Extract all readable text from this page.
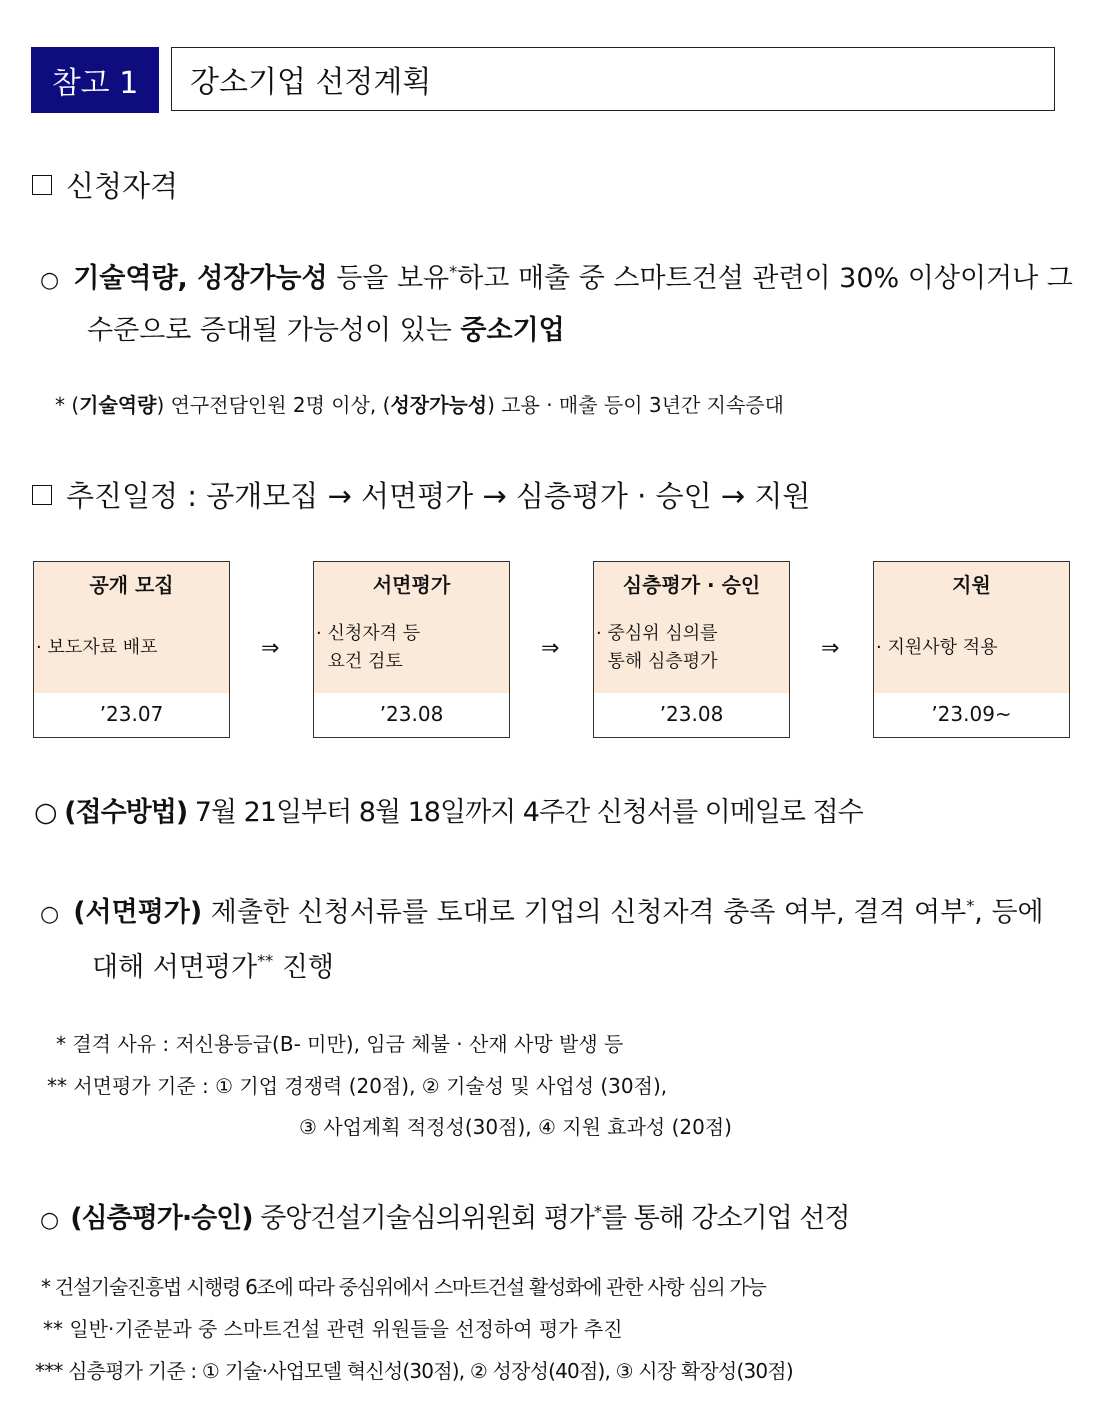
참고 1	강소기업 선정계획
신청자격
○ 기술역량, 성장가능성 등을 보유*하고 매출 중 스마트건설 관련이 30% 이상이거나 그
수준으로 증대될 가능성이 있는 중소기업
* (기술역량) 연구전담인원 2명 이상, (성장가능성) 고용 · 매출 등이 3년간 지속증대
추진일정 : 공개모집 → 서면평가 → 심층평가 · 승인 → 지원
공개 모집
· 보도자료 배포
’23.07
⇒
서면평가
· 신청자격 등
요건 검토
’23.08
⇒
심층평가 · 승인
· 중심위 심의를
통해 심층평가
’23.08
⇒
지원
· 지원사항 적용
’23.09~
○ (접수방법) 7월 21일부터 8월 18일까지 4주간 신청서를 이메일로 접수
○ (서면평가) 제출한 신청서류를 토대로 기업의 신청자격 충족 여부, 결격 여부*, 등에
대해 서면평가** 진행
* 결격 사유 : 저신용등급(B- 미만), 임금 체불 · 산재 사망 발생 등
** 서면평가 기준 : ① 기업 경쟁력 (20점), ② 기술성 및 사업성 (30점),
③ 사업계획 적정성(30점), ④ 지원 효과성 (20점)
○ (심층평가·승인) 중앙건설기술심의위원회 평가*를 통해 강소기업 선정
* 건설기술진흥법 시행령 6조에 따라 중심위에서 스마트건설 활성화에 관한 사항 심의 가능
** 일반·기준분과 중 스마트건설 관련 위원들을 선정하여 평가 추진
*** 심층평가 기준 : ① 기술·사업모델 혁신성(30점), ② 성장성(40점), ③ 시장 확장성(30점)
